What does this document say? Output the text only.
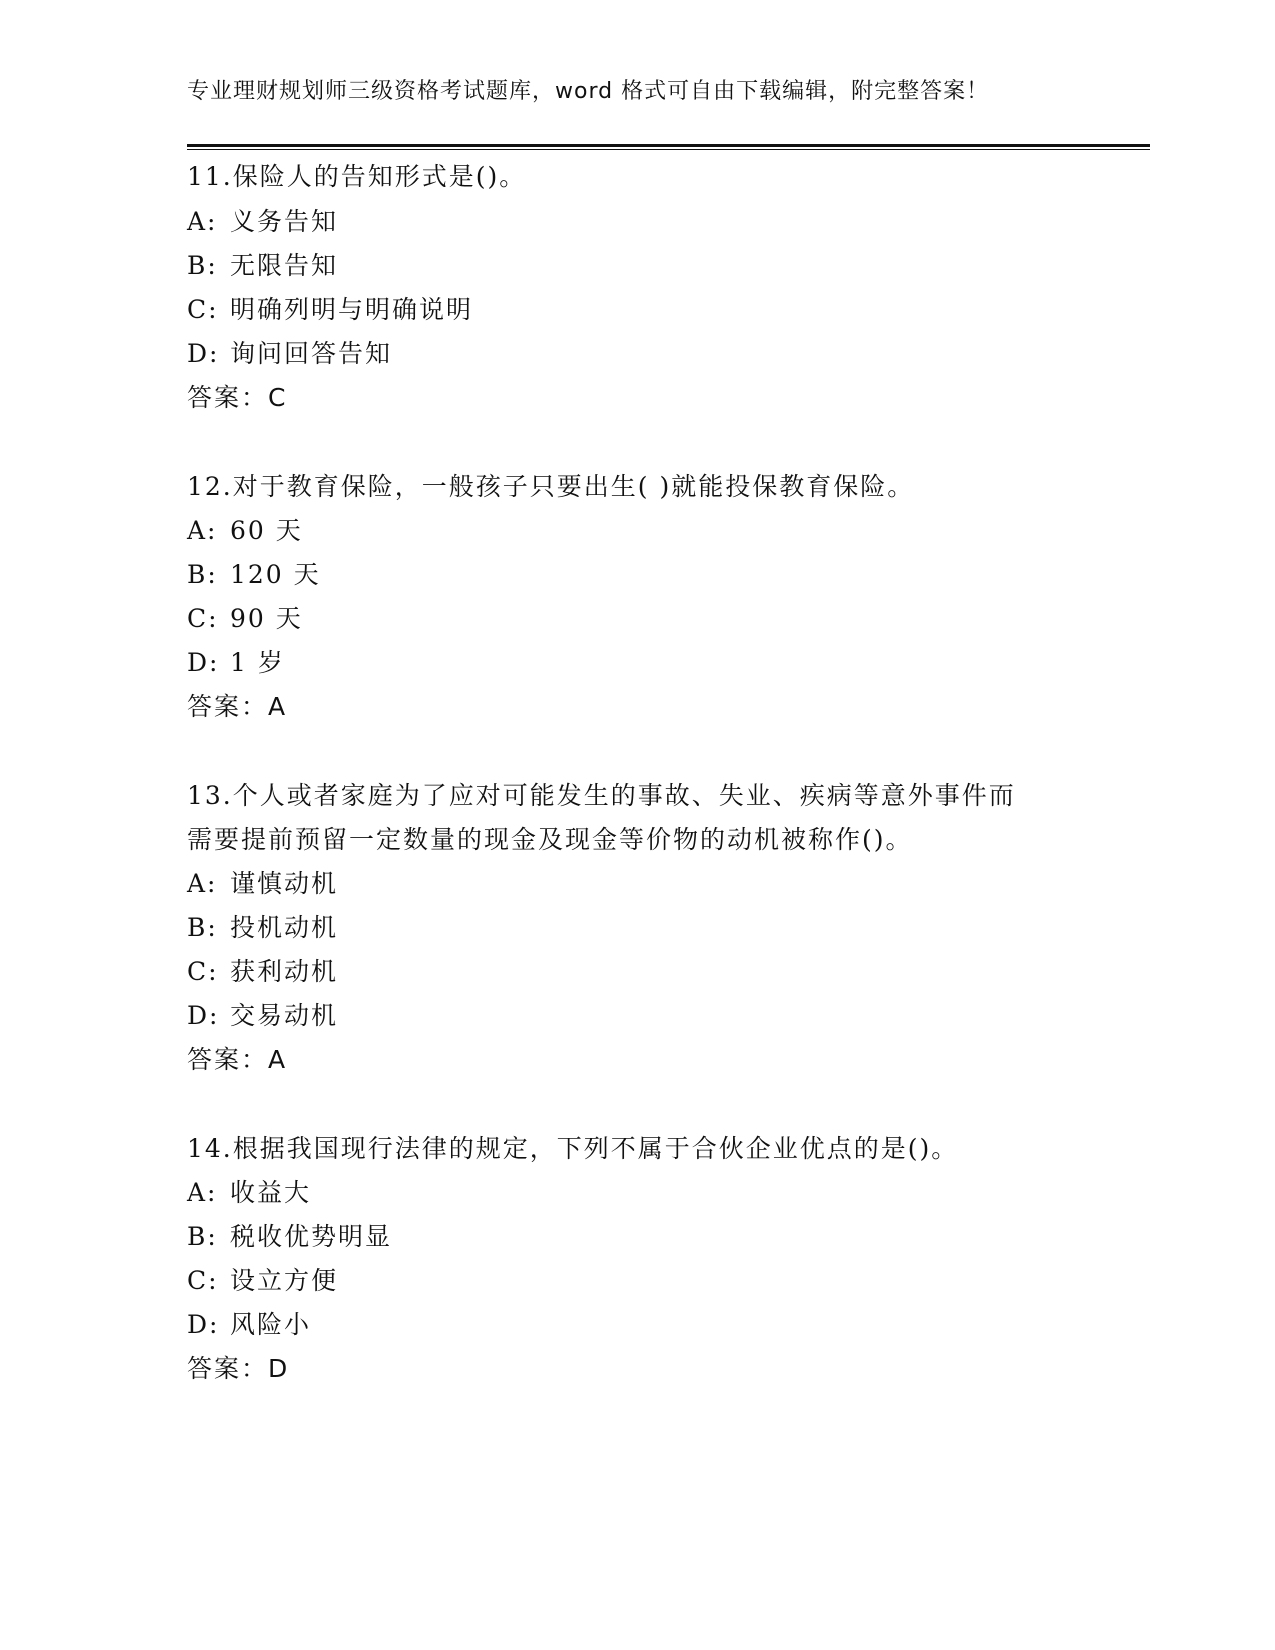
专业理财规划师三级资格考试题库，word 格式可自由下载编辑，附完整答案！
11.保险人的告知形式是()。
A: 义务告知
B: 无限告知
C: 明确列明与明确说明
D: 询问回答告知
答案：C
12.对于教育保险，一般孩子只要出生( )就能投保教育保险。
A: 60 天
B: 120 天
C: 90 天
D: 1 岁
答案：A
13.个人或者家庭为了应对可能发生的事故、失业、疾病等意外事件而
需要提前预留一定数量的现金及现金等价物的动机被称作()。
A: 谨慎动机
B: 投机动机
C: 获利动机
D: 交易动机
答案：A
14.根据我国现行法律的规定，下列不属于合伙企业优点的是()。
A: 收益大
B: 税收优势明显
C: 设立方便
D: 风险小
答案：D
